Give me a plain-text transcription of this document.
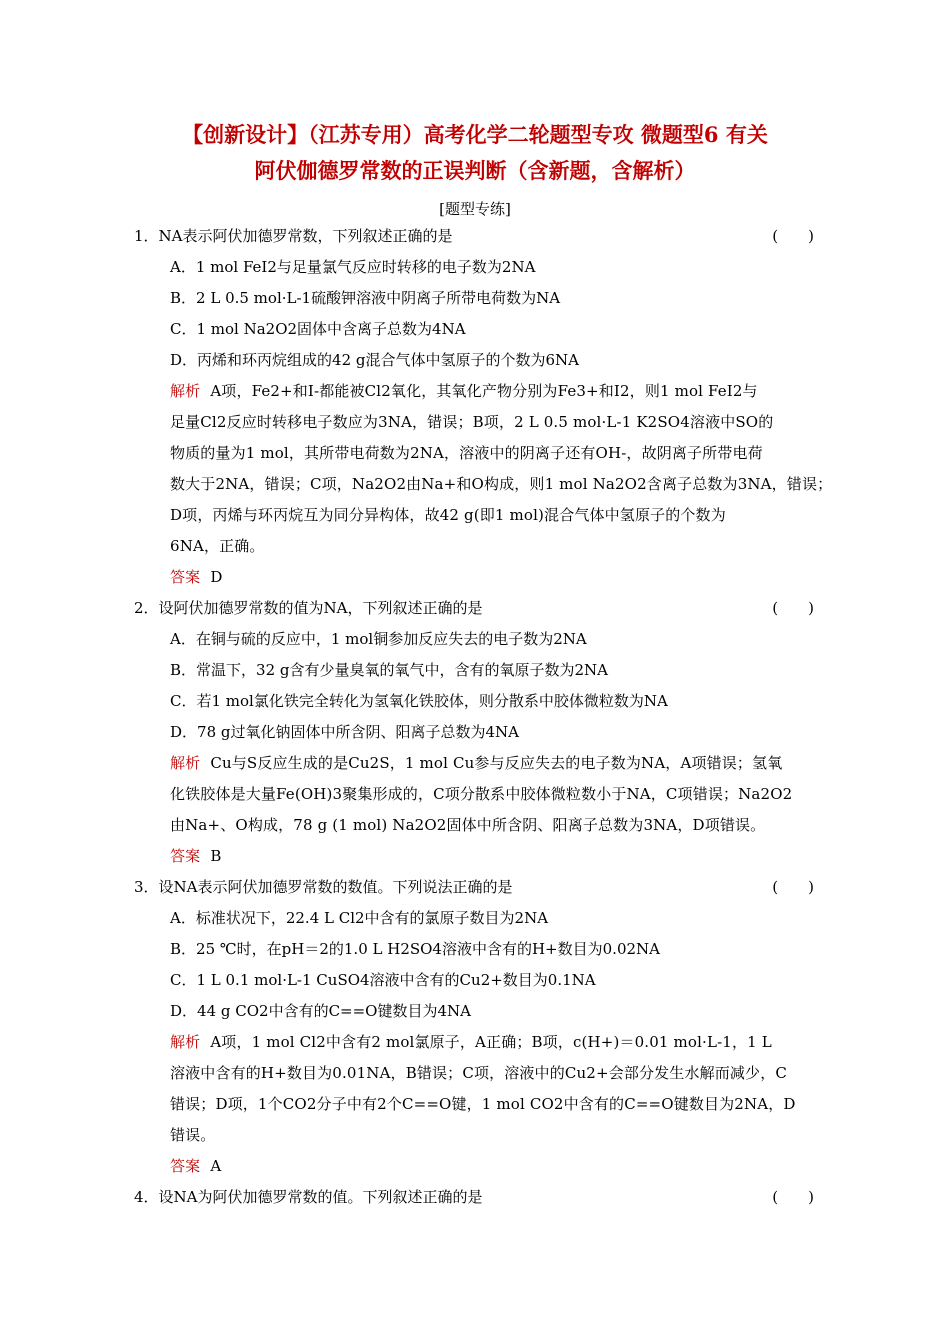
【创新设计】（江苏专用）高考化学二轮题型专攻 微题型6 有关
阿伏伽德罗常数的正误判断（含新题，含解析）
[题型专练]
1．NA表示阿伏加德罗常数，下列叙述正确的是	(　　)
A．1 mol FeI2与足量氯气反应时转移的电子数为2NA
B．2 L 0.5 mol·L-1硫酸钾溶液中阴离子所带电荷数为NA
C．1 mol Na2O2固体中含离子总数为4NA
D．丙烯和环丙烷组成的42 g混合气体中氢原子的个数为6NA
解析 A项，Fe2+和I-都能被Cl2氧化，其氧化产物分别为Fe3+和I2，则1 mol FeI2与
足量Cl2反应时转移电子数应为3NA，错误；B项，2 L 0.5 mol·L-1 K2SO4溶液中SO的
物质的量为1 mol，其所带电荷数为2NA，溶液中的阴离子还有OH-，故阴离子所带电荷
数大于2NA，错误；C项，Na2O2由Na+和O构成，则1 mol Na2O2含离子总数为3NA，错误；
D项，丙烯与环丙烷互为同分异构体，故42 g(即1 mol)混合气体中氢原子的个数为
6NA，正确。
答案 D
2．设阿伏加德罗常数的值为NA，下列叙述正确的是	(　　)
A．在铜与硫的反应中，1 mol铜参加反应失去的电子数为2NA
B．常温下，32 g含有少量臭氧的氧气中，含有的氧原子数为2NA
C．若1 mol氯化铁完全转化为氢氧化铁胶体，则分散系中胶体微粒数为NA
D．78 g过氧化钠固体中所含阴、阳离子总数为4NA
解析 Cu与S反应生成的是Cu2S，1 mol Cu参与反应失去的电子数为NA，A项错误；氢氧
化铁胶体是大量Fe(OH)3聚集形成的，C项分散系中胶体微粒数小于NA，C项错误；Na2O2
由Na+、O构成，78 g (1 mol) Na2O2固体中所含阴、阳离子总数为3NA，D项错误。
答案 B
3．设NA表示阿伏加德罗常数的数值。下列说法正确的是	(　　)
A．标准状况下，22.4 L Cl2中含有的氯原子数目为2NA
B．25 ℃时，在pH＝2的1.0 L H2SO4溶液中含有的H+数目为0.02NA
C．1 L 0.1 mol·L-1 CuSO4溶液中含有的Cu2+数目为0.1NA
D．44 g CO2中含有的C==O键数目为4NA
解析 A项，1 mol Cl2中含有2 mol氯原子，A正确；B项，c(H+)＝0.01 mol·L-1，1 L
溶液中含有的H+数目为0.01NA，B错误；C项，溶液中的Cu2+会部分发生水解而减少，C
错误；D项，1个CO2分子中有2个C==O键，1 mol CO2中含有的C==O键数目为2NA，D
错误。
答案 A
4．设NA为阿伏加德罗常数的值。下列叙述正确的是	(　　)
